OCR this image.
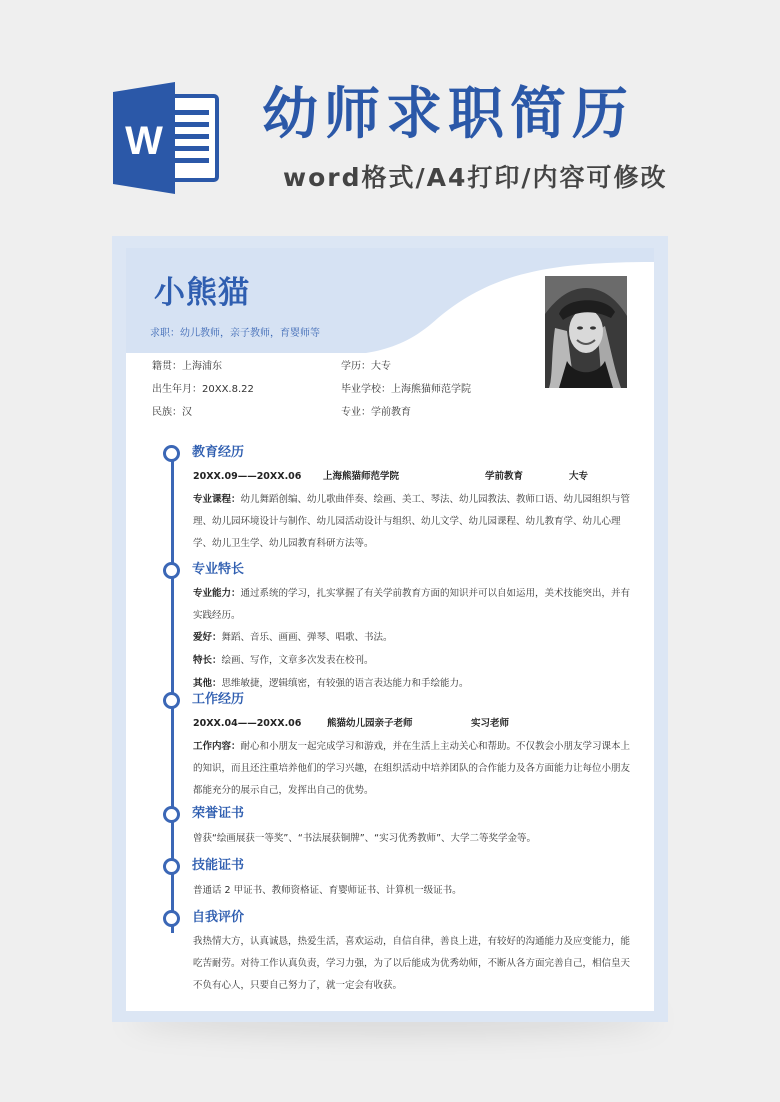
W 幼师求职简历
word格式/A4打印/内容可修改
小熊猫
求职：幼儿教师，亲子教师，育婴师等
籍贯：上海浦东
出生年月：20XX.8.22
民族：汉
学历：大专
毕业学校：上海熊猫师范学院
专业：学前教育
教育经历
20XX.09——20XX.06 上海熊猫师范学院	学前教育	大专
专业课程：幼儿舞蹈创编、幼儿歌曲伴奏、绘画、美工、琴法、幼儿园教法、教师口语、幼儿园组织与管理、幼儿园环境设计与制作、幼儿园活动设计与组织、幼儿文学、幼儿园课程、幼儿教育学、幼儿心理学、幼儿卫生学、幼儿园教育科研方法等。
专业特长
专业能力：通过系统的学习，扎实掌握了有关学前教育方面的知识并可以自如运用，美术技能突出，并有实践经历。
爱好：舞蹈、音乐、画画、弹琴、唱歌、书法。
特长：绘画、写作，文章多次发表在校刊。
其他：思维敏捷，逻辑缜密，有较强的语言表达能力和手绘能力。
工作经历
20XX.04——20XX.06	熊猫幼儿园亲子老师	实习老师
工作内容：耐心和小朋友一起完成学习和游戏，并在生活上主动关心和帮助。不仅教会小朋友学习课本上的知识，而且还注重培养他们的学习兴趣，在组织活动中培养团队的合作能力及各方面能力让每位小朋友都能充分的展示自己，发挥出自己的优势。
荣誉证书
曾获“绘画展获一等奖”、“书法展获铜牌”、“实习优秀教师”、大学二等奖学金等。
技能证书
普通话 2 甲证书、教师资格证、育婴师证书、计算机一级证书。
自我评价
我热情大方，认真诚恳，热爱生活，喜欢运动，自信自律，善良上进，有较好的沟通能力及应变能力，能吃苦耐劳。对待工作认真负责，学习力强，为了以后能成为优秀幼师，不断从各方面完善自己，相信皇天不负有心人，只要自己努力了，就一定会有收获。
